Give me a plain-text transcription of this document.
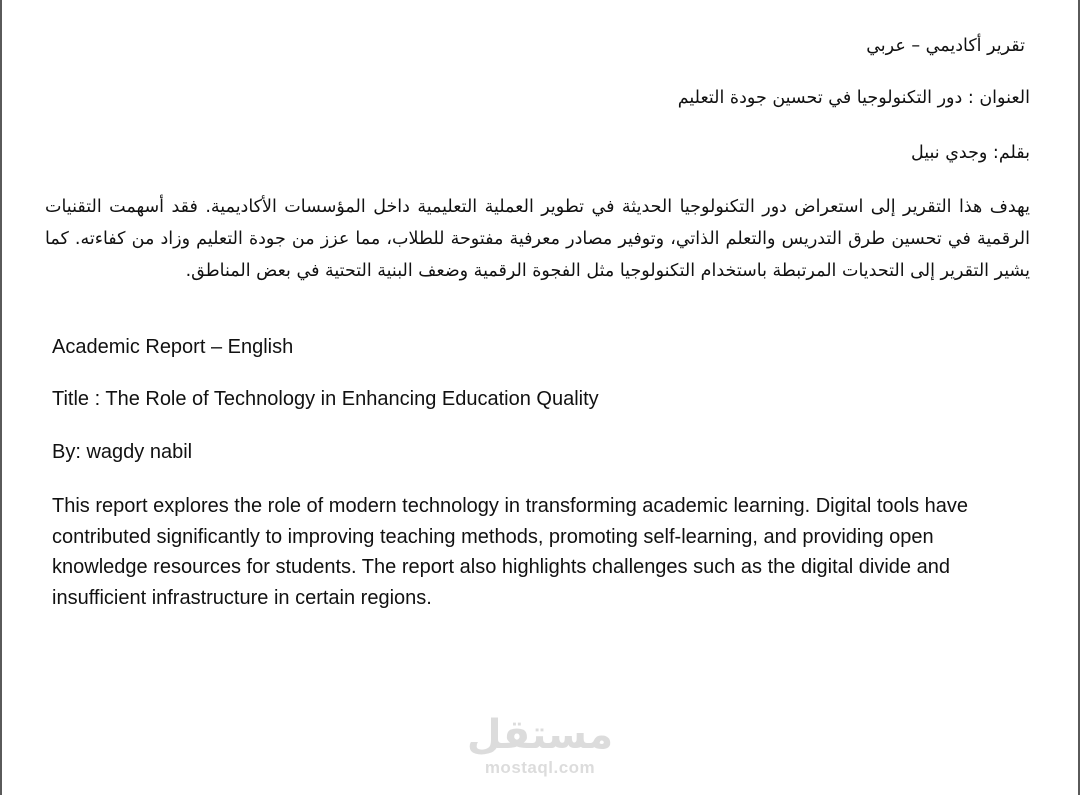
تقرير أكاديمي – عربي
العنوان : دور التكنولوجيا في تحسين جودة التعليم
بقلم: وجدي نبيل
يهدف هذا التقرير إلى استعراض دور التكنولوجيا الحديثة في تطوير العملية التعليمية داخل المؤسسات الأكاديمية. فقد أسهمت التقنيات الرقمية في تحسين طرق التدريس والتعلم الذاتي، وتوفير مصادر معرفية مفتوحة للطلاب، مما عزز من جودة التعليم وزاد من كفاءته. كما يشير التقرير إلى التحديات المرتبطة باستخدام التكنولوجيا مثل الفجوة الرقمية وضعف البنية التحتية في بعض المناطق.
Academic Report – English
Title : The Role of Technology in Enhancing Education Quality
By: wagdy nabil
This report explores the role of modern technology in transforming academic learning. Digital tools have contributed significantly to improving teaching methods, promoting self-learning, and providing open knowledge resources for students. The report also highlights challenges such as the digital divide and insufficient infrastructure in certain regions.
مستقل
mostaql.com
